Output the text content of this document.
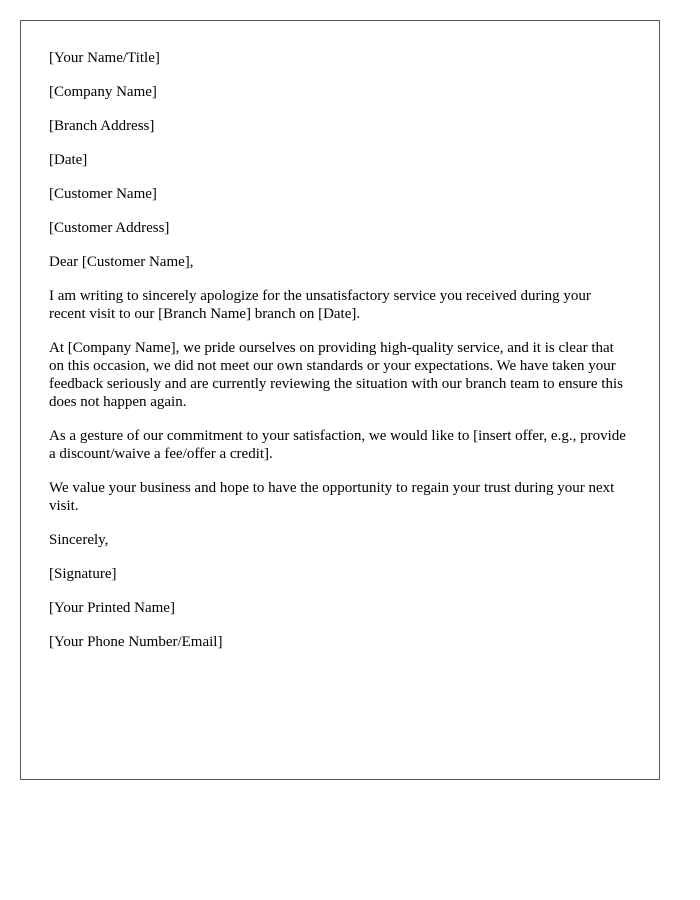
[Your Name/Title]

[Company Name]

[Branch Address]

[Date]

[Customer Name]

[Customer Address]

Dear [Customer Name],

I am writing to sincerely apologize for the unsatisfactory service you received during your recent visit to our [Branch Name] branch on [Date].

At [Company Name], we pride ourselves on providing high-quality service, and it is clear that on this occasion, we did not meet our own standards or your expectations. We have taken your feedback seriously and are currently reviewing the situation with our branch team to ensure this does not happen again.

As a gesture of our commitment to your satisfaction, we would like to [insert offer, e.g., provide a discount/waive a fee/offer a credit].

We value your business and hope to have the opportunity to regain your trust during your next visit.

Sincerely,

[Signature]

[Your Printed Name]

[Your Phone Number/Email]
